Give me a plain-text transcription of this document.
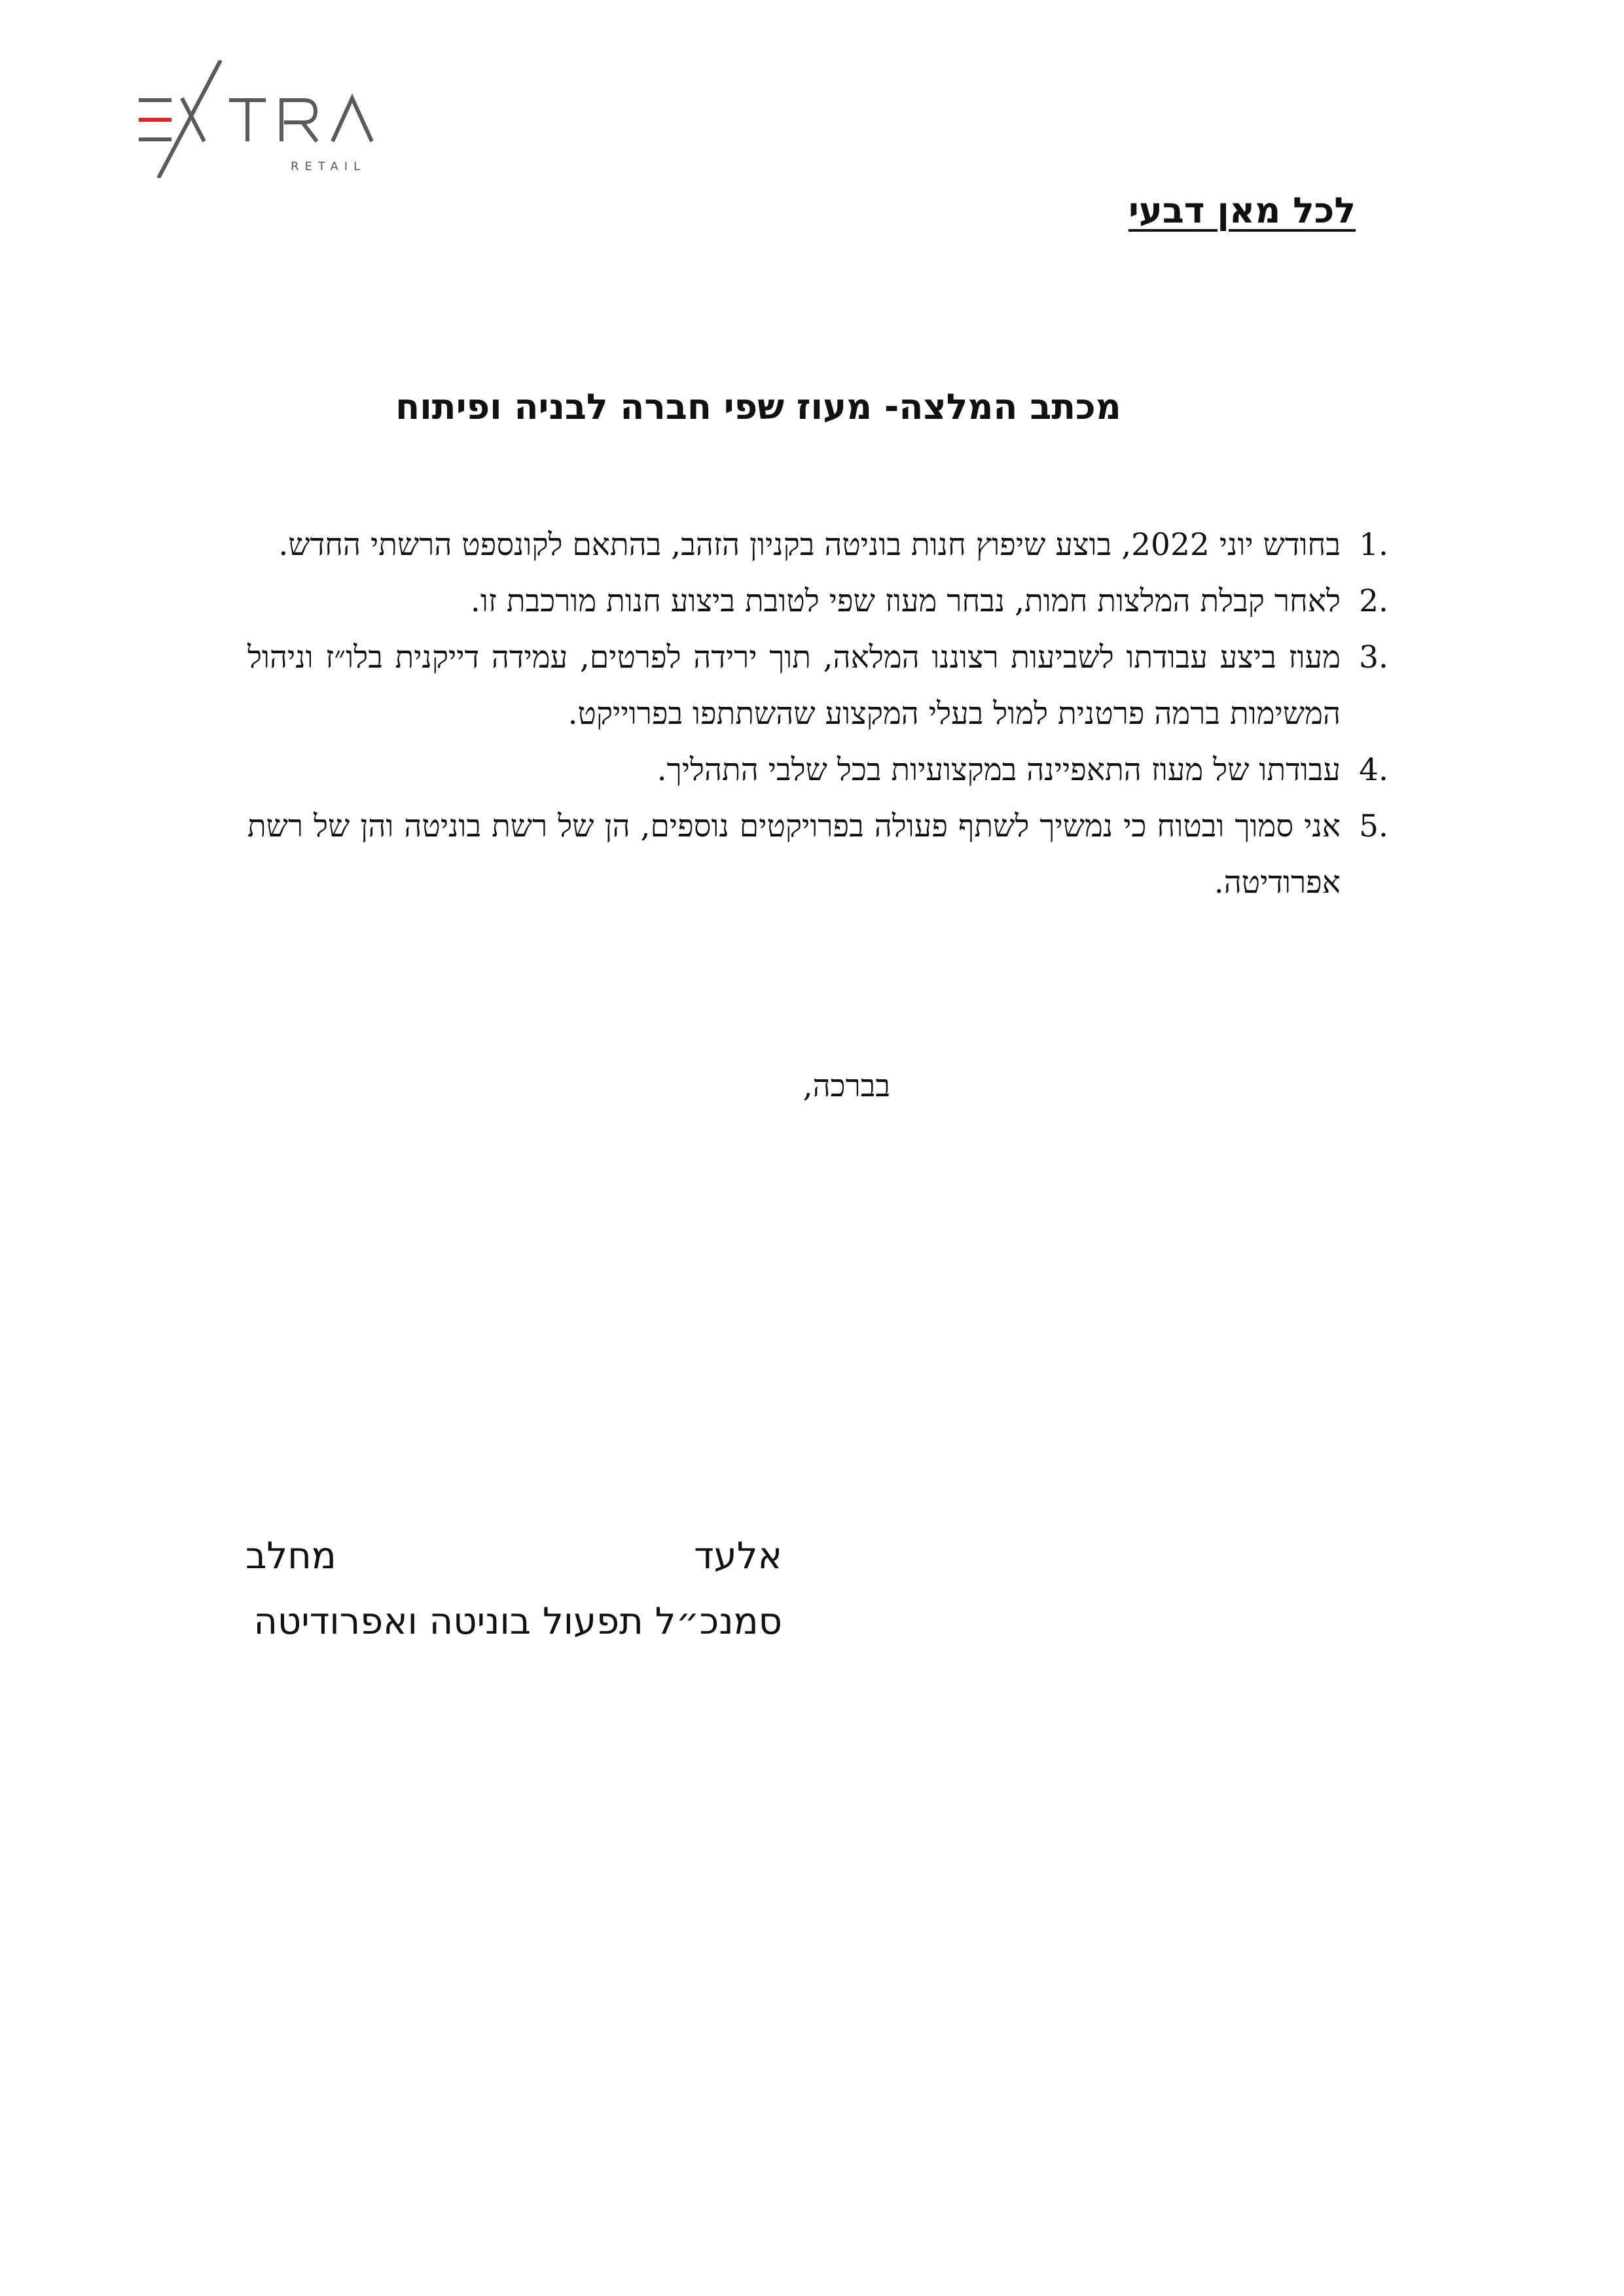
RETAIL
לכל מאן דבעי
מכתב המלצה- מעוז שפי חברה לבניה ופיתוח
1.
בחודש יוני 2022, בוצע שיפוץ חנות בוניטה בקניון הזהב, בהתאם לקונספט הרשתי החדש.
2.
לאחר קבלת המלצות חמות, נבחר מעוז שפי לטובת ביצוע חנות מורכבת זו.
3.
מעוז ביצע עבודתו לשביעות רצוננו המלאה, תוך ירידה לפרטים, עמידה דייקנית בלו״ז וניהול המשימות ברמה פרטנית למול בעלי המקצוע שהשתתפו בפרוייקט.
4.
עבודתו של מעוז התאפיינה במקצועיות בכל שלבי התהליך.
5.
אני סמוך ובטוח כי נמשיך לשתף פעולה בפרויקטים נוספים, הן של רשת בוניטה והן של רשת אפרודיטה.
בברכה,
אלעד
מחלב
סמנכ״ל תפעול בוניטה ואפרודיטה
